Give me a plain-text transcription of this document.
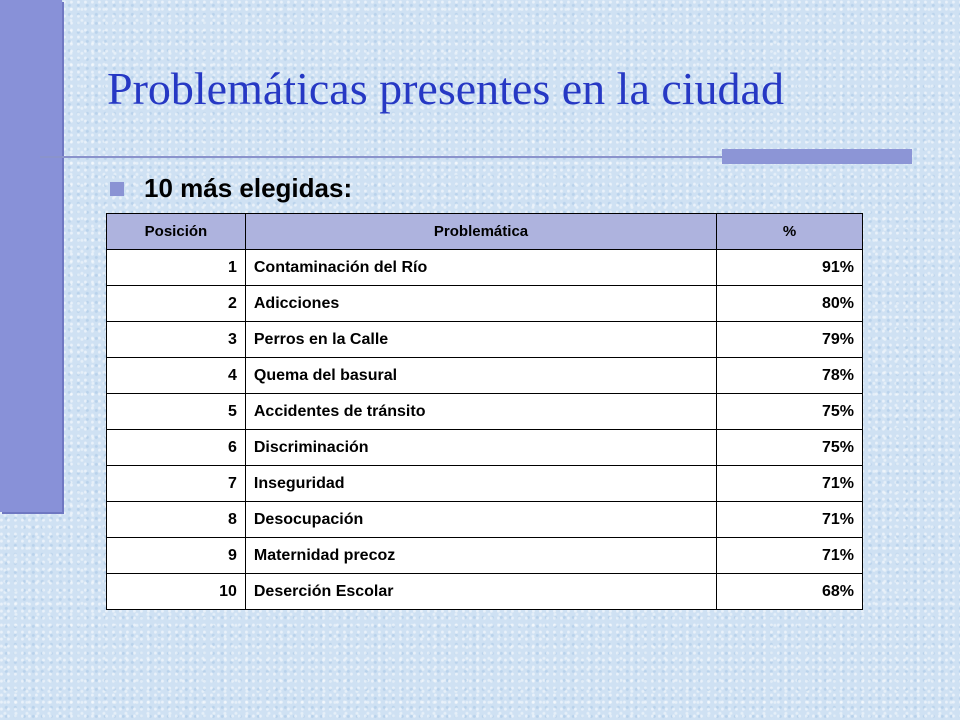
Problemáticas presentes en la ciudad
10 más elegidas:
Posición	Problemática	%
1	Contaminación del Río	91%
2	Adicciones	80%
3	Perros en la Calle	79%
4	Quema del basural	78%
5	Accidentes de tránsito	75%
6	Discriminación	75%
7	Inseguridad	71%
8	Desocupación	71%
9	Maternidad precoz	71%
10	Deserción Escolar	68%
